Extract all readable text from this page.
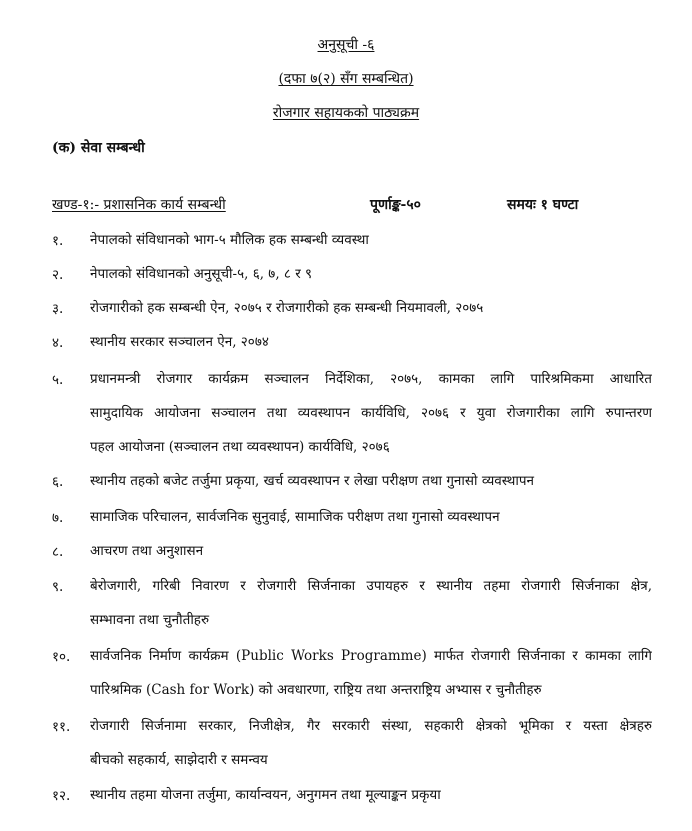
अनुसूची -६
(दफा ७(२) सँग सम्बन्धित)
रोजगार सहायकको पाठ्यक्रम
(क) सेवा सम्बन्धी
खण्ड-१:- प्रशासनिक कार्य सम्बन्धी	पूर्णाङ्क-५०	समयः १ घण्टा
१.	नेपालको संविधानको भाग-५ मौलिक हक सम्बन्धी व्यवस्था
२.	नेपालको संविधानको अनुसूची-५, ६, ७, ८ र ९
३.	रोजगारीको हक सम्बन्धी ऐन, २०७५ र रोजगारीको हक सम्बन्धी नियमावली, २०७५
४.	स्थानीय सरकार सञ्चालन ऐन, २०७४
५.	प्रधानमन्त्री रोजगार कार्यक्रम सञ्चालन निर्देशिका, २०७५, कामका लागि पारिश्रमिकमा आधारित
सामुदायिक आयोजना सञ्चालन तथा व्यवस्थापन कार्यविधि, २०७६ र युवा रोजगारीका लागि रुपान्तरण
पहल आयोजना (सञ्चालन तथा व्यवस्थापन) कार्यविधि, २०७६
६.	स्थानीय तहको बजेट तर्जुमा प्रकृया, खर्च व्यवस्थापन र लेखा परीक्षण तथा गुनासो व्यवस्थापन
७.	सामाजिक परिचालन, सार्वजनिक सुनुवाई, सामाजिक परीक्षण तथा गुनासो व्यवस्थापन
८.	आचरण तथा अनुशासन
९.	बेरोजगारी, गरिबी निवारण र रोजगारी सिर्जनाका उपायहरु र स्थानीय तहमा रोजगारी सिर्जनाका क्षेत्र,
सम्भावना तथा चुनौतीहरु
१०.	सार्वजनिक निर्माण कार्यक्रम (Public Works Programme) मार्फत रोजगारी सिर्जनाका र कामका लागि
पारिश्रमिक (Cash for Work) को अवधारणा, राष्ट्रिय तथा अन्तराष्ट्रिय अभ्यास र चुनौतीहरु
११.	रोजगारी सिर्जनामा सरकार, निजीक्षेत्र, गैर सरकारी संस्था, सहकारी क्षेत्रको भूमिका र यस्ता क्षेत्रहरु
बीचको सहकार्य, साझेदारी र समन्वय
१२.	स्थानीय तहमा योजना तर्जुमा, कार्यान्वयन, अनुगमन तथा मूल्याङ्कन प्रकृया
